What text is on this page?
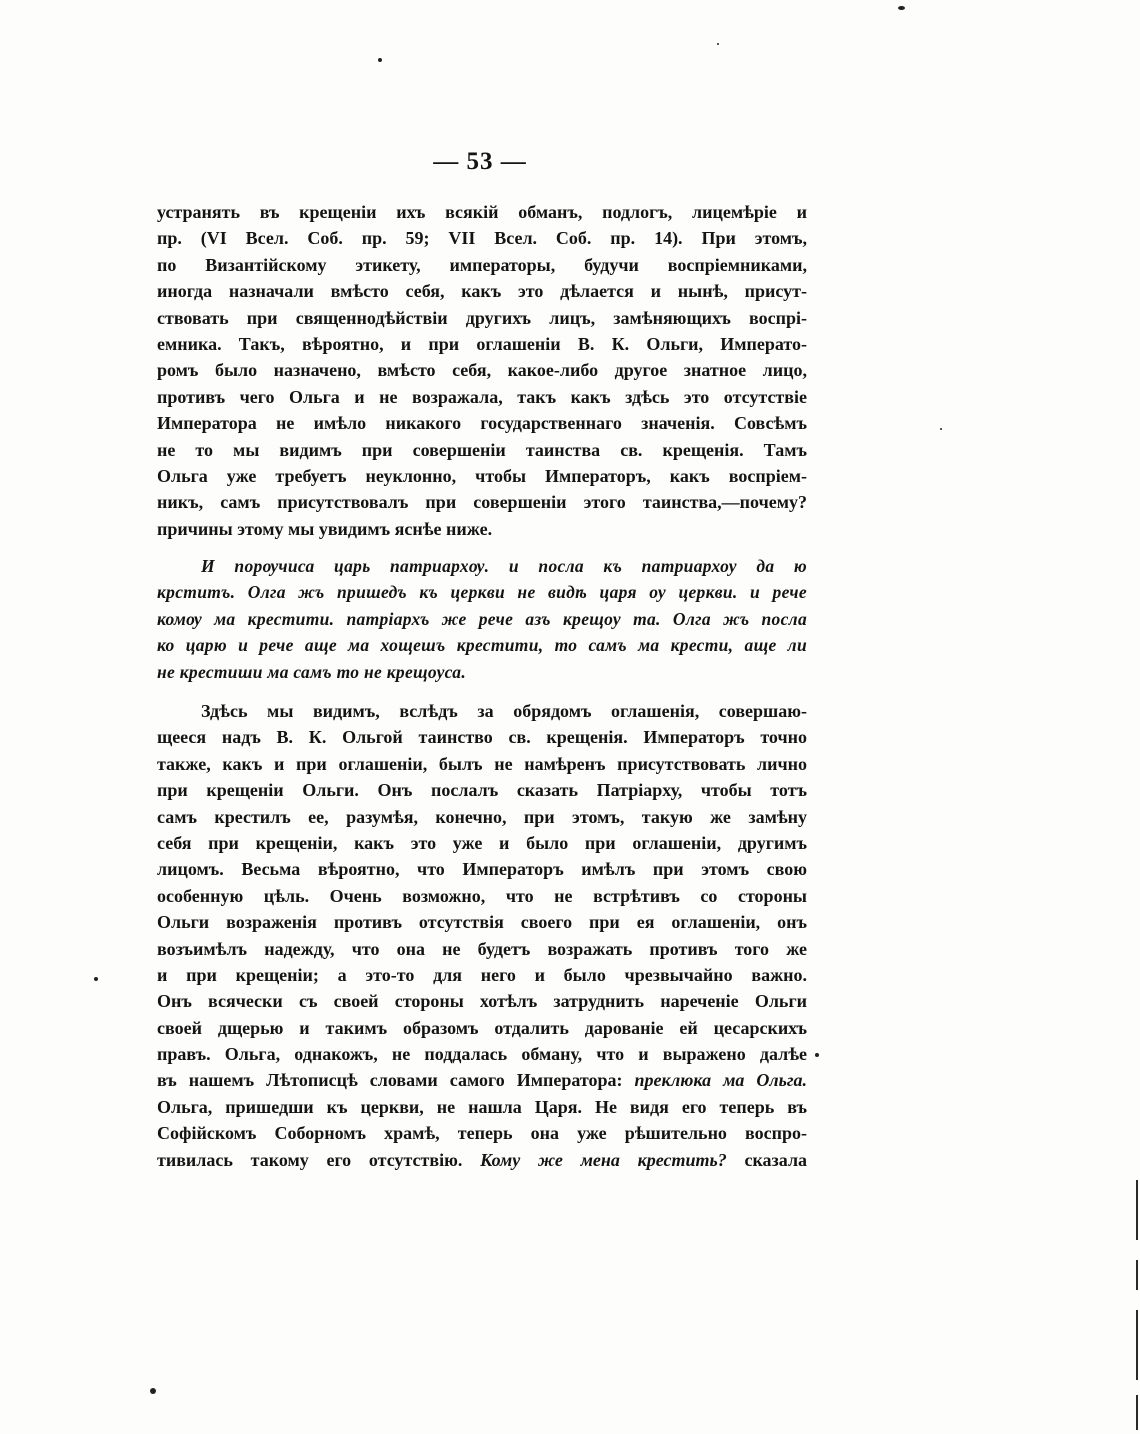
— 53 —
устранять въ крещеніи ихъ всякій обманъ, подлогъ, лицемѣріе и
пр. (VI Всел. Соб. пр. 59; VII Всел. Соб. пр. 14). При этомъ,
по Византійскому этикету, императоры, будучи воспріемниками,
иногда назначали вмѣсто себя, какъ это дѣлается и нынѣ, присут-
ствовать при священнодѣйствіи другихъ лицъ, замѣняющихъ воспрі-
емника. Такъ, вѣроятно, и при оглашеніи В. К. Ольги, Императо-
ромъ было назначено, вмѣсто себя, какое-либо другое знатное лицо,
противъ чего Ольга и не возражала, такъ какъ здѣсь это отсутствіе
Императора не имѣло никакого государственнаго значенія. Совсѣмъ
не то мы видимъ при совершеніи таинства св. крещенія. Тамъ
Ольга уже требуетъ неуклонно, чтобы Императоръ, какъ воспріем-
никъ, самъ присутствовалъ при совершеніи этого таинства,—почему?
причины этому мы увидимъ яснѣе ниже.
И порѹчиса царь патриархѹ. и посла къ патриархоу да ю
крститъ. Олга жъ пришедъ къ церкви не видѣ царя оу церкви. и рече
комѹ ма крестити. патріархъ же рече азъ крещоу та. Олга жъ посла
ко царю и рече аще ма хощешъ крестити, то самъ ма крести, аще ли
не крестиши ма самъ то не крещоуса.
Здѣсь мы видимъ, вслѣдъ за обрядомъ оглашенія, совершаю-
щееся надъ В. К. Ольгой таинство св. крещенія. Императоръ точно
также, какъ и при оглашеніи, былъ не намѣренъ присутствовать лично
при крещеніи Ольги. Онъ послалъ сказать Патріарху, чтобы тотъ
самъ крестилъ ее, разумѣя, конечно, при этомъ, такую же замѣну
себя при крещеніи, какъ это уже и было при оглашеніи, другимъ
лицомъ. Весьма вѣроятно, что Императоръ имѣлъ при этомъ свою
особенную цѣль. Очень возможно, что не встрѣтивъ со стороны
Ольги возраженія противъ отсутствія своего при ея оглашеніи, онъ
возъимѣлъ надежду, что она не будетъ возражать противъ того же
и при крещеніи; а это-то для него и было чрезвычайно важно.
Онъ всячески съ своей стороны хотѣлъ затруднить нареченіе Ольги
своей дщерью и такимъ образомъ отдалить дарованіе ей цесарскихъ
правъ. Ольга, однакожъ, не поддалась обману, что и выражено далѣе
въ нашемъ Лѣтописцѣ словами самого Императора: преклюка ма Ольга.
Ольга, пришедши къ церкви, не нашла Царя. Не видя его теперь въ
Софійскомъ Соборномъ храмѣ, теперь она уже рѣшительно воспро-
тивилась такому его отсутствію. Кому же мена крестить? сказала
